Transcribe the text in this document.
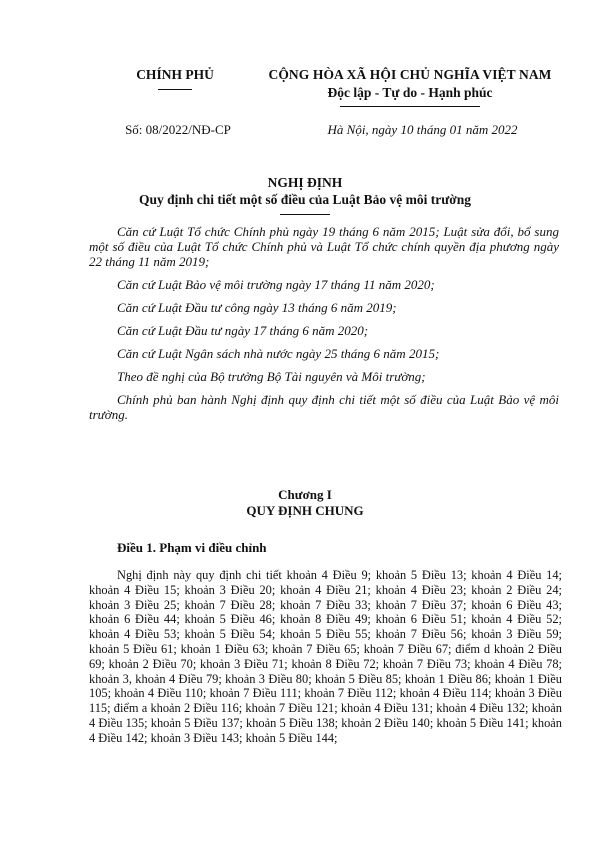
CHÍNH PHỦ	CỘNG HÒA XÃ HỘI CHỦ NGHĨA VIỆT NAM
Độc lập - Tự do - Hạnh phúc
Số: 08/2022/NĐ-CP	Hà Nội, ngày 10 tháng 01 năm 2022
NGHỊ ĐỊNH
Quy định chi tiết một số điều của Luật Bảo vệ môi trường

Căn cứ Luật Tổ chức Chính phủ ngày 19 tháng 6 năm 2015; Luật sửa đổi, bổ sung một số điều của Luật Tổ chức Chính phủ và Luật Tổ chức chính quyền địa phương ngày 22 tháng 11 năm 2019;

Căn cứ Luật Bảo vệ môi trường ngày 17 tháng 11 năm 2020;

Căn cứ Luật Đầu tư công ngày 13 tháng 6 năm 2019;

Căn cứ Luật Đầu tư ngày 17 tháng 6 năm 2020;

Căn cứ Luật Ngân sách nhà nước ngày 25 tháng 6 năm 2015;

Theo đề nghị của Bộ trưởng Bộ Tài nguyên và Môi trường;

Chính phủ ban hành Nghị định quy định chi tiết một số điều của Luật Bảo vệ môi trường.

Chương I
QUY ĐỊNH CHUNG
Điều 1. Phạm vi điều chỉnh
Nghị định này quy định chi tiết khoản 4 Điều 9; khoản 5 Điều 13; khoản 4 Điều 14; khoản 4 Điều 15; khoản 3 Điều 20; khoản 4 Điều 21; khoản 4 Điều 23; khoản 2 Điều 24; khoản 3 Điều 25; khoản 7 Điều 28; khoản 7 Điều 33; khoản 7 Điều 37; khoản 6 Điều 43; khoản 6 Điều 44; khoản 5 Điều 46; khoản 8 Điều 49; khoản 6 Điều 51; khoản 4 Điều 52; khoản 4 Điều 53; khoản 5 Điều 54; khoản 5 Điều 55; khoản 7 Điều 56; khoản 3 Điều 59; khoản 5 Điều 61; khoản 1 Điều 63; khoản 7 Điều 65; khoản 7 Điều 67; điểm d khoản 2 Điều 69; khoản 2 Điều 70; khoản 3 Điều 71; khoản 8 Điều 72; khoản 7 Điều 73; khoản 4 Điều 78; khoản 3, khoản 4 Điều 79; khoản 3 Điều 80; khoản 5 Điều 85; khoản 1 Điều 86; khoản 1 Điều 105; khoản 4 Điều 110; khoản 7 Điều 111; khoản 7 Điều 112; khoản 4 Điều 114; khoản 3 Điều 115; điểm a khoản 2 Điều 116; khoản 7 Điều 121; khoản 4 Điều 131; khoản 4 Điều 132; khoản 4 Điều 135; khoản 5 Điều 137; khoản 5 Điều 138; khoản 2 Điều 140; khoản 5 Điều 141; khoản 4 Điều 142; khoản 3 Điều 143; khoản 5 Điều 144;
